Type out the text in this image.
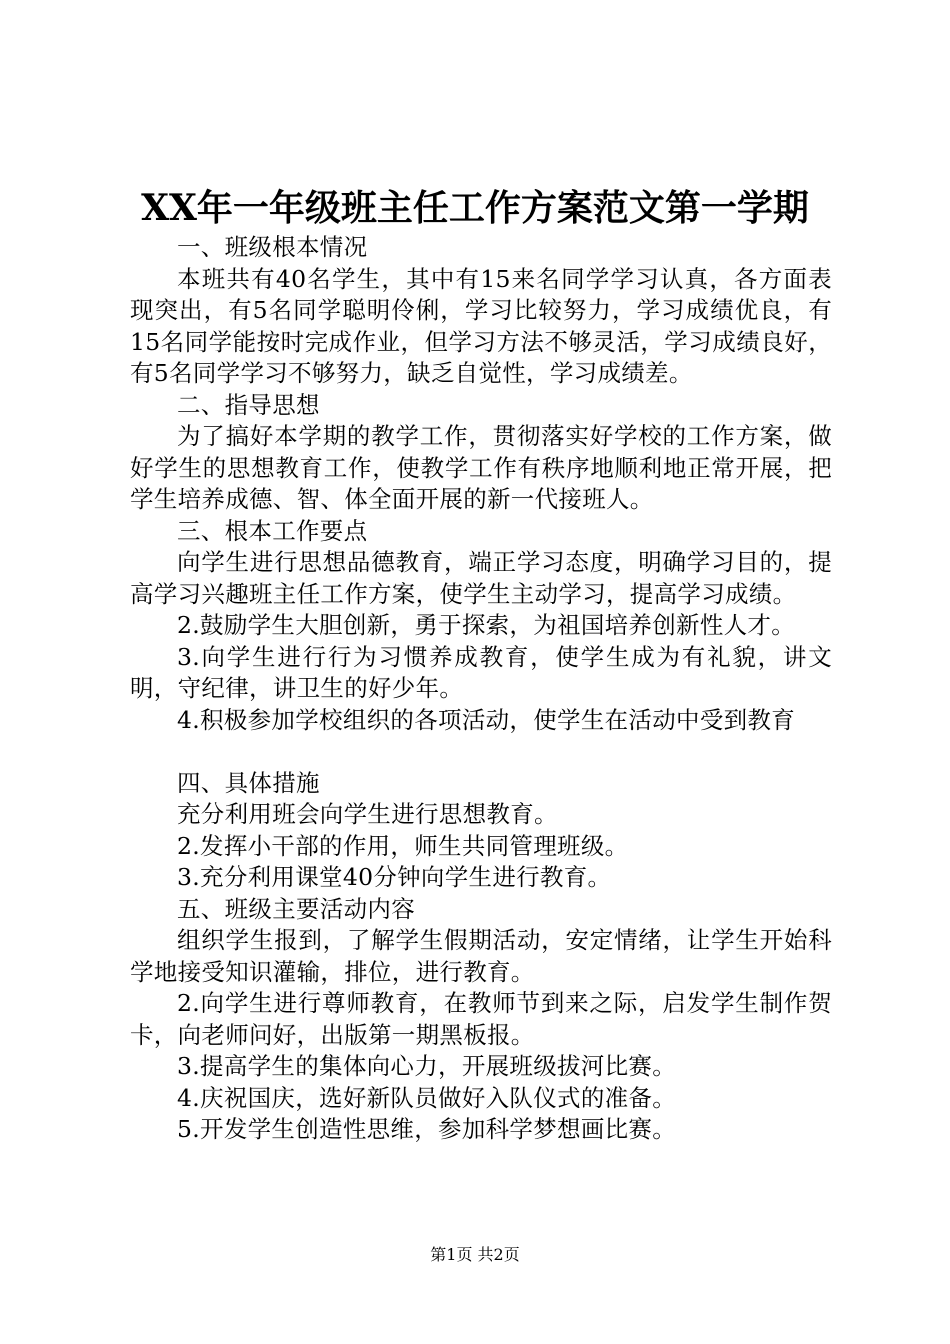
XX年一年级班主任工作方案范文第一学期

一、班级根本情况

本班共有40名学生，其中有15来名同学学习认真，各方面表现突出，有5名同学聪明伶俐，学习比较努力，学习成绩优良，有15名同学能按时完成作业，但学习方法不够灵活，学习成绩良好，有5名同学学习不够努力，缺乏自觉性，学习成绩差。

二、指导思想

为了搞好本学期的教学工作，贯彻落实好学校的工作方案，做好学生的思想教育工作，使教学工作有秩序地顺利地正常开展，把学生培养成德、智、体全面开展的新一代接班人。

三、根本工作要点

向学生进行思想品德教育，端正学习态度，明确学习目的，提高学习兴趣班主任工作方案，使学生主动学习，提高学习成绩。

2.鼓励学生大胆创新，勇于探索，为祖国培养创新性人才。

3.向学生进行行为习惯养成教育，使学生成为有礼貌，讲文明，守纪律，讲卫生的好少年。

4.积极参加学校组织的各项活动，使学生在活动中受到教育

四、具体措施

充分利用班会向学生进行思想教育。

2.发挥小干部的作用，师生共同管理班级。

3.充分利用课堂40分钟向学生进行教育。

五、班级主要活动内容

组织学生报到，了解学生假期活动，安定情绪，让学生开始科学地接受知识灌输，排位，进行教育。

2.向学生进行尊师教育，在教师节到来之际，启发学生制作贺卡，向老师问好，出版第一期黑板报。

3.提高学生的集体向心力，开展班级拔河比赛。

4.庆祝国庆，选好新队员做好入队仪式的准备。

5.开发学生创造性思维，参加科学梦想画比赛。

第1页 共2页
